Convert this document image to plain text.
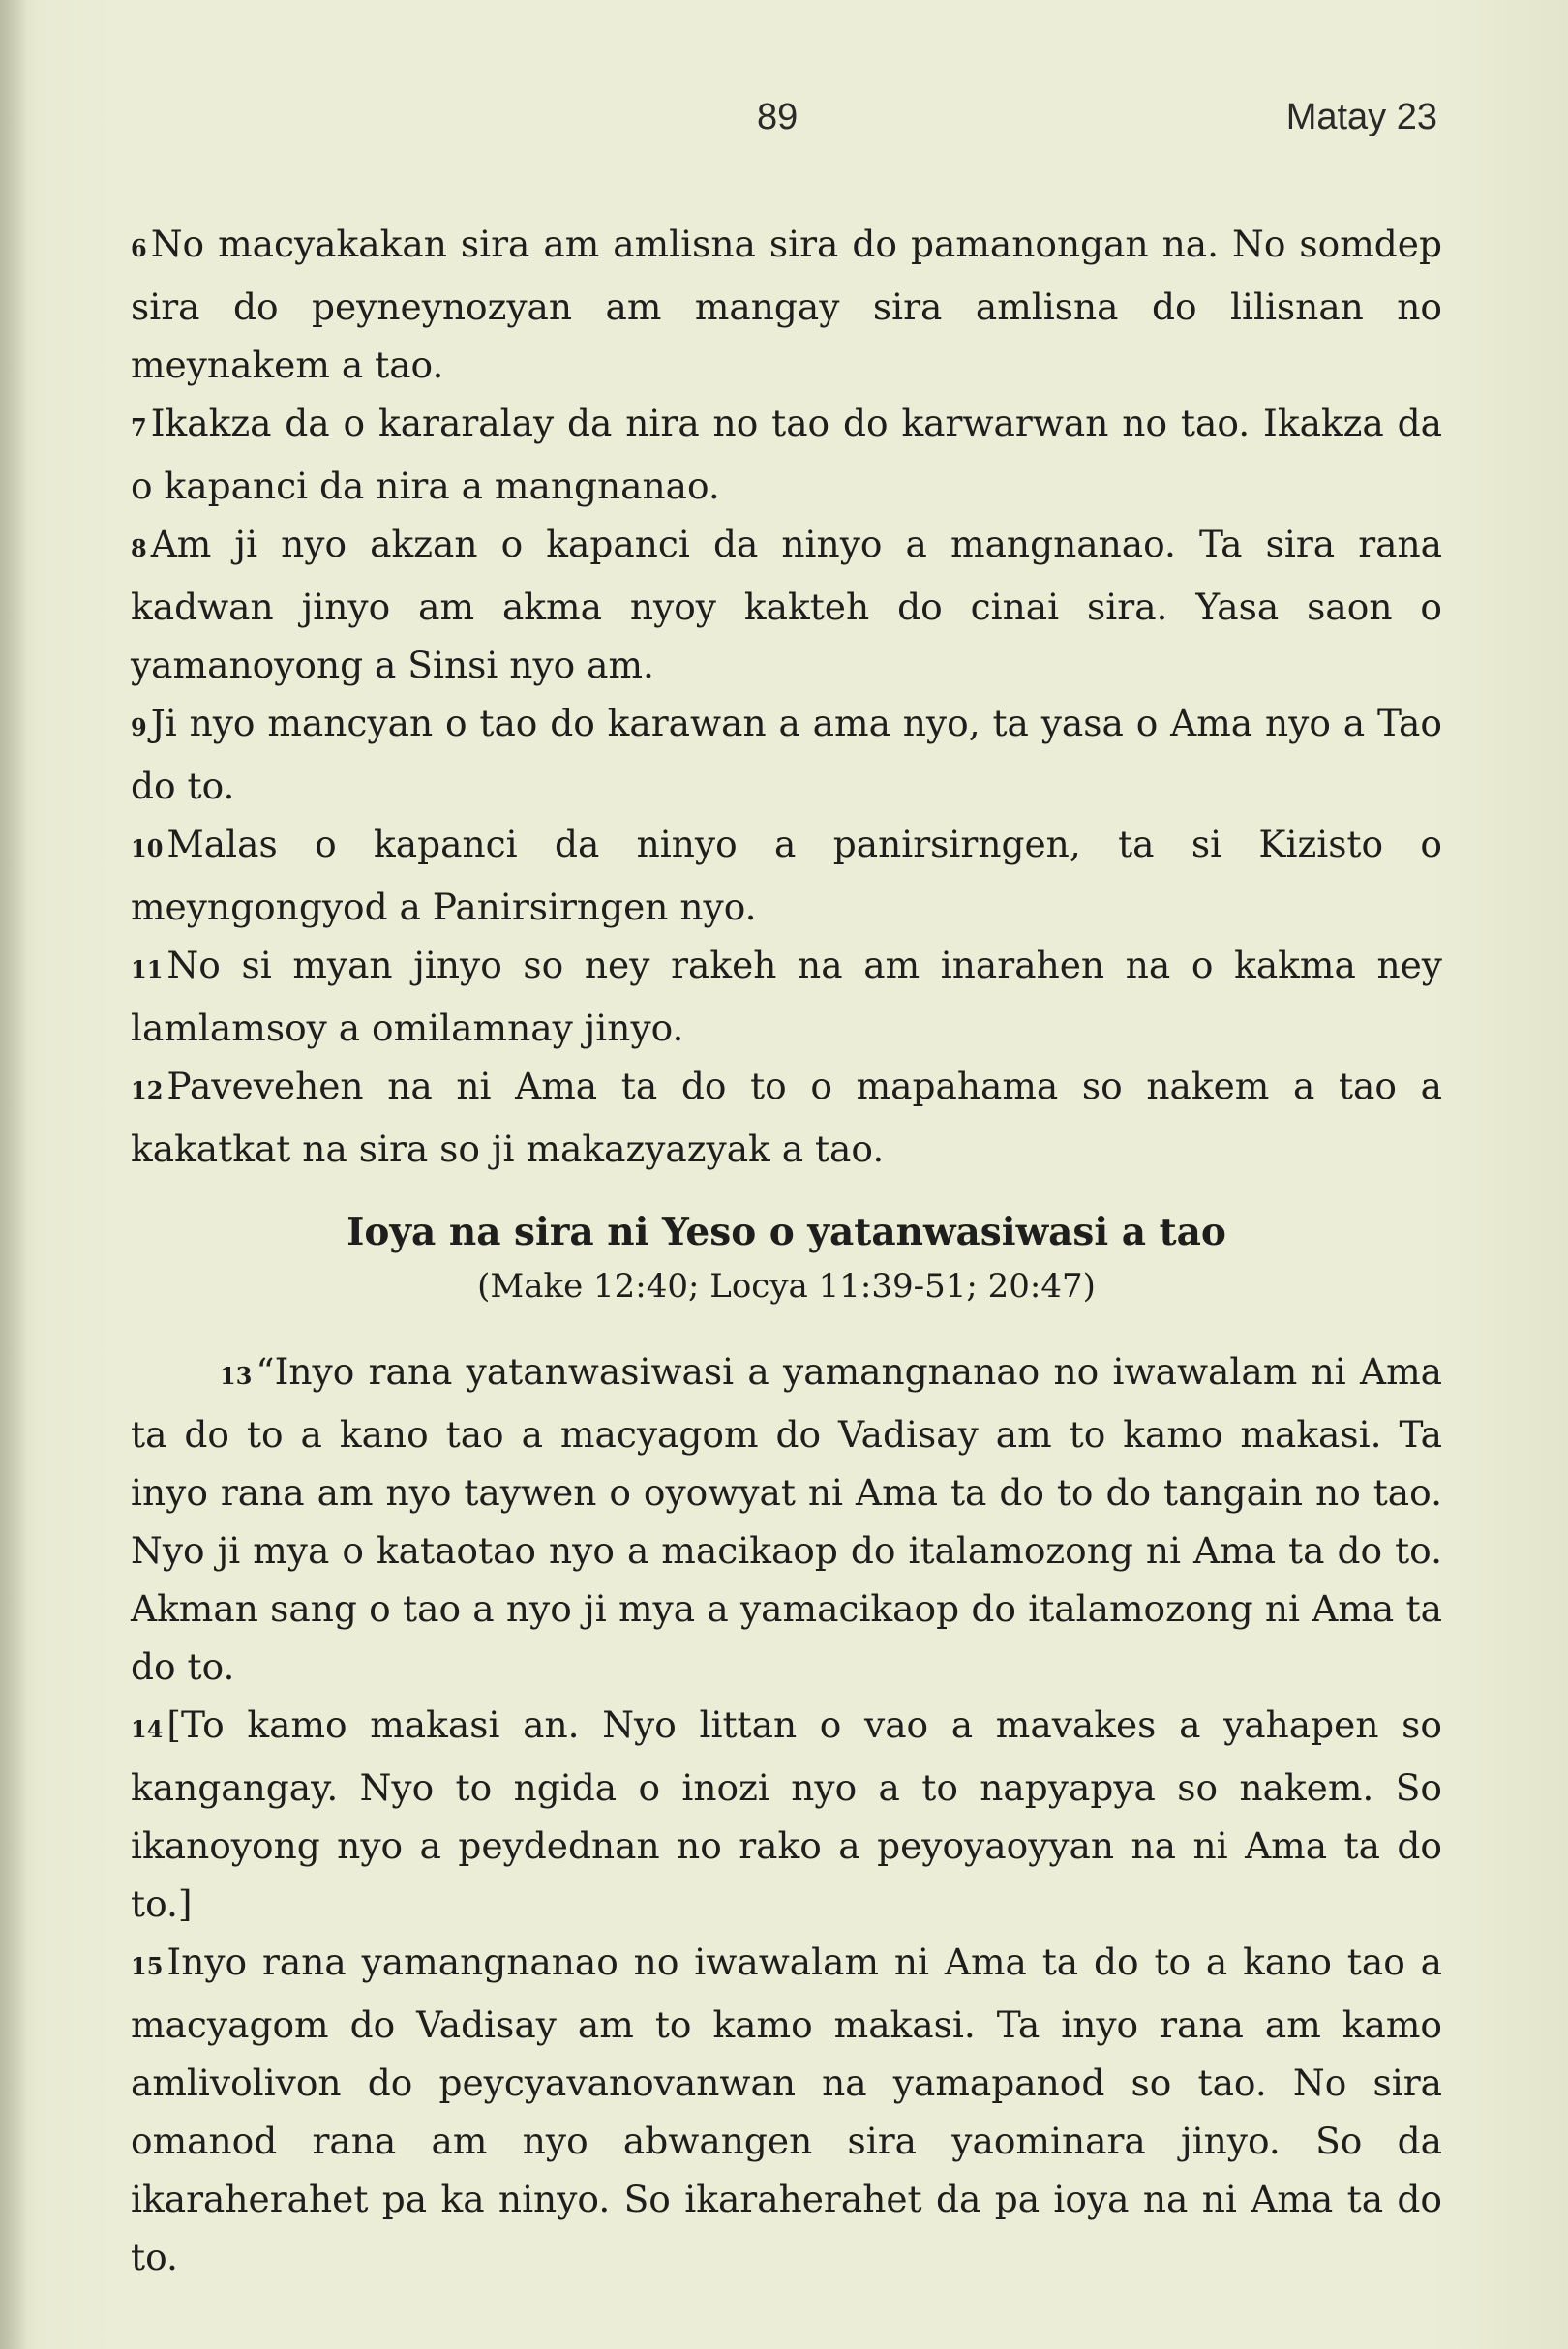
89	Matay 23

6 No macyakakan sira am amlisna sira do pamanongan na. No somdep sira do peyneynozyan am mangay sira amlisna do lilisnan no meynakem a tao.

7 Ikakza da o kararalay da nira no tao do karwarwan no tao. Ikakza da o kapanci da nira a mangnanao.

8 Am ji nyo akzan o kapanci da ninyo a mangnanao. Ta sira rana kadwan jinyo am akma nyoy kakteh do cinai sira. Yasa saon o yamanoyong a Sinsi nyo am.

9 Ji nyo mancyan o tao do karawan a ama nyo, ta yasa o Ama nyo a Tao do to.

10 Malas o kapanci da ninyo a panirsirngen, ta si Kizisto o meyngongyod a Panirsirngen nyo.

11 No si myan jinyo so ney rakeh na am inarahen na o kakma ney lamlamsoy a omilamnay jinyo.

12 Pavevehen na ni Ama ta do to o mapahama so nakem a tao a kakatkat na sira so ji makazyazyak a tao.

Ioya na sira ni Yeso o yatanwasiwasi a tao

(Make 12:40; Locya 11:39-51; 20:47)

13 “Inyo rana yatanwasiwasi a yamangnanao no iwawalam ni Ama ta do to a kano tao a macyagom do Vadisay am to kamo makasi. Ta inyo rana am nyo taywen o oyowyat ni Ama ta do to do tangain no tao. Nyo ji mya o kataotao nyo a macikaop do italamozong ni Ama ta do to. Akman sang o tao a nyo ji mya a yamacikaop do italamozong ni Ama ta do to.

14 [To kamo makasi an. Nyo littan o vao a mavakes a yahapen so kangangay. Nyo to ngida o inozi nyo a to napyapya so nakem. So ikanoyong nyo a peydednan no rako a peyoyaoyyan na ni Ama ta do to.]

15 Inyo rana yamangnanao no iwawalam ni Ama ta do to a kano tao a macyagom do Vadisay am to kamo makasi. Ta inyo rana am kamo amlivolivon do peycyavanovanwan na yamapanod so tao. No sira omanod rana am nyo abwangen sira yaominara jinyo. So da ikaraherahet pa ka ninyo. So ikaraherahet da pa ioya na ni Ama ta do to.
